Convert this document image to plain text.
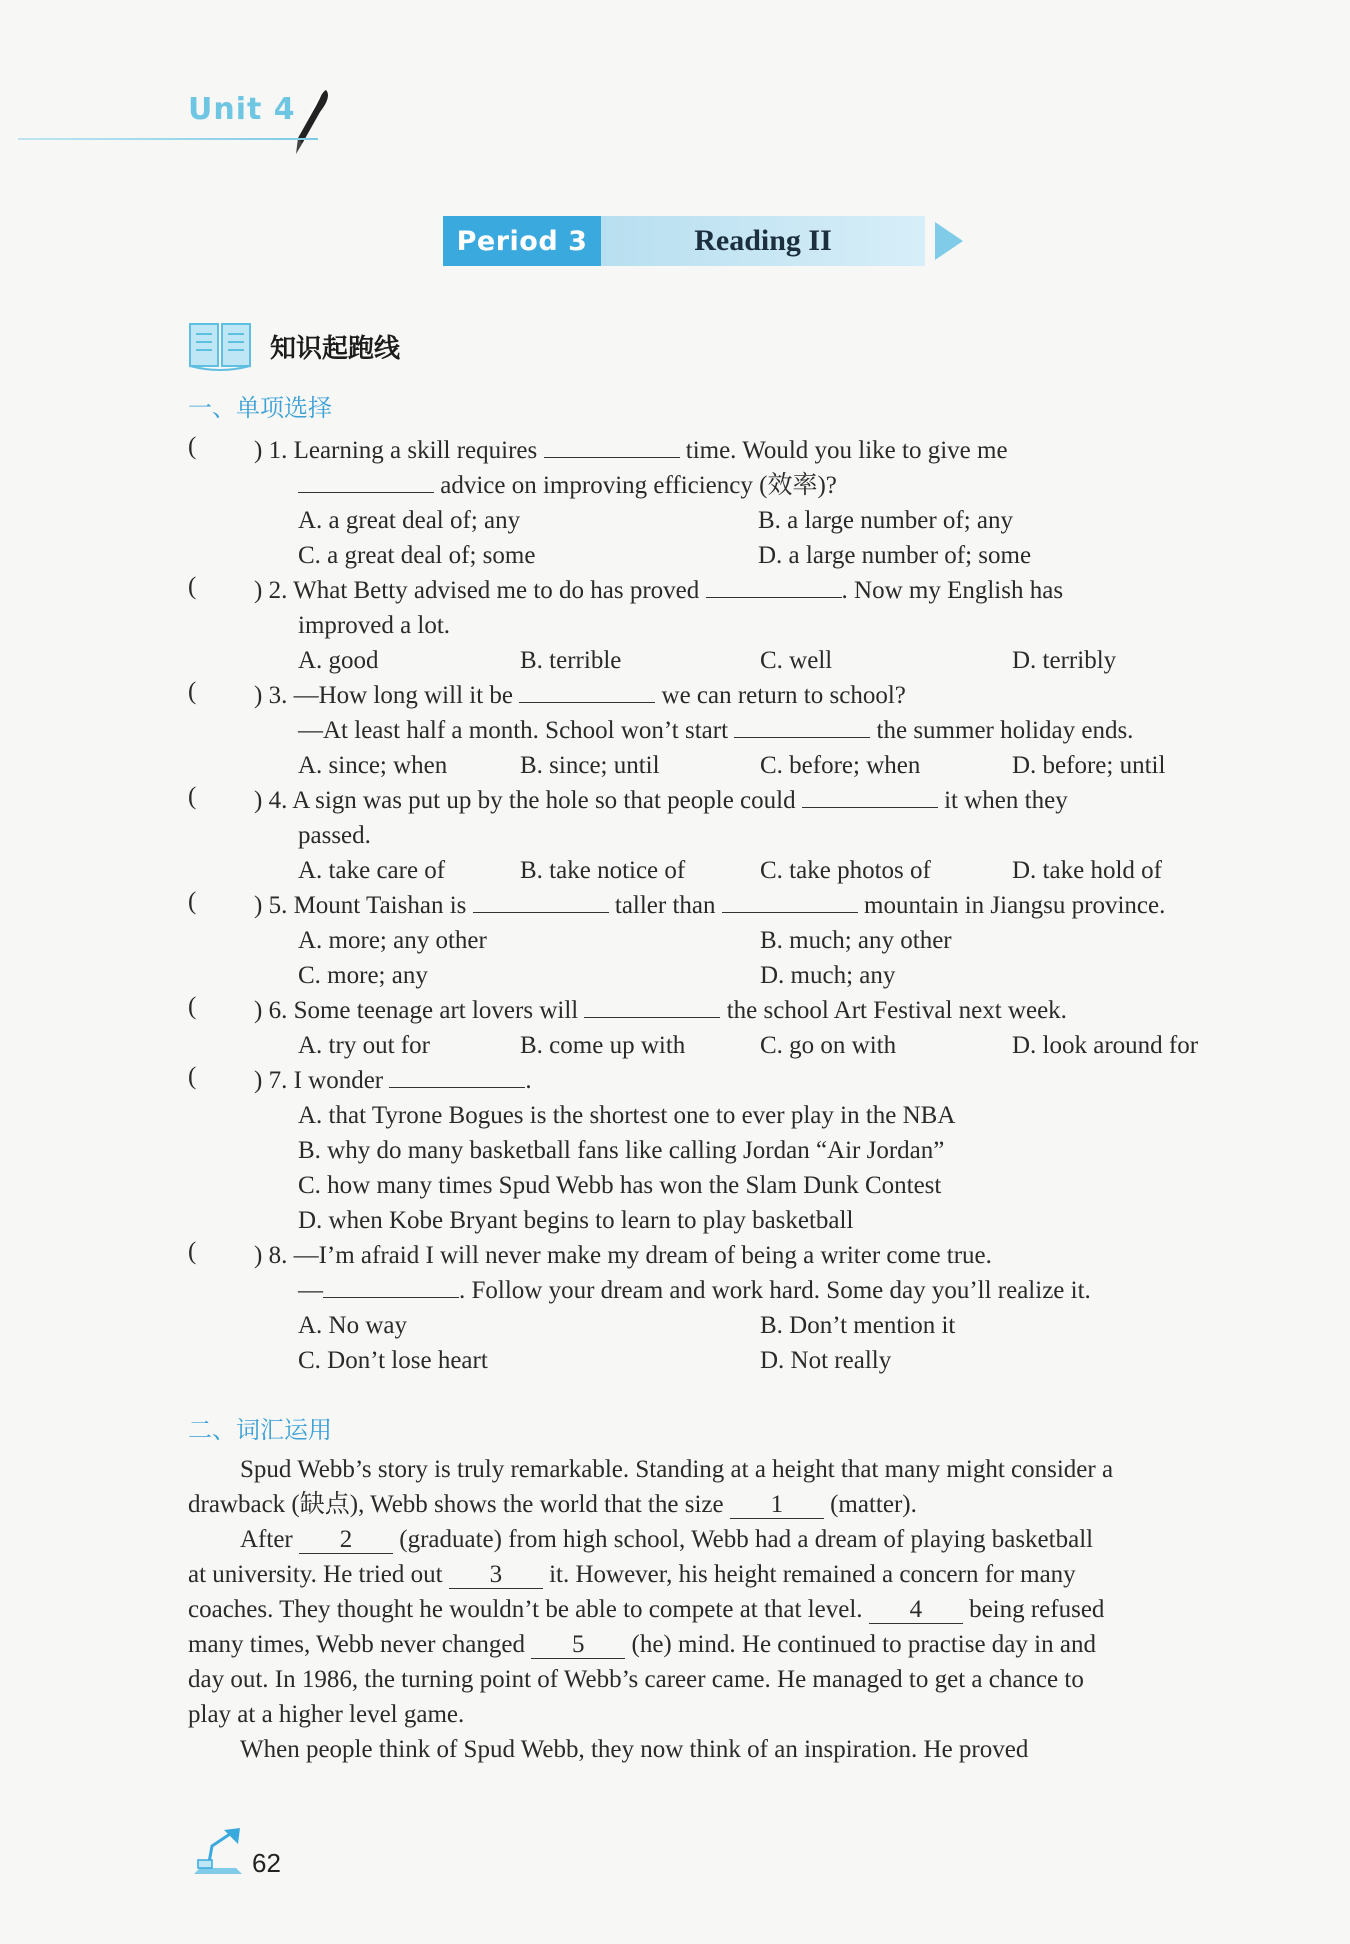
Unit 4
Period 3	Reading II
知识起跑线
一、单项选择
( ) 1. Learning a skill requires	time. Would you like to give me
advice on improving efficiency (效率)?
A. a great deal of; any	B. a large number of; any
C. a great deal of; some	D. a large number of; some
( ) 2. What Betty advised me to do has proved	. Now my English has
improved a lot.
A. good	B. terrible	C. well	D. terribly
( ) 3. —How long will it be	we can return to school?
—At least half a month. School won’t start	the summer holiday ends.
A. since; when	B. since; until	C. before; when	D. before; until
( ) 4. A sign was put up by the hole so that people could	it when they
passed.
A. take care of	B. take notice of	C. take photos of	D. take hold of
( ) 5. Mount Taishan is	taller than	mountain in Jiangsu province.
A. more; any other	B. much; any other
C. more; any	D. much; any
( ) 6. Some teenage art lovers will	the school Art Festival next week.
A. try out for	B. come up with	C. go on with	D. look around for
( ) 7. I wonder	.
A. that Tyrone Bogues is the shortest one to ever play in the NBA
B. why do many basketball fans like calling Jordan “Air Jordan”
C. how many times Spud Webb has won the Slam Dunk Contest
D. when Kobe Bryant begins to learn to play basketball
( ) 8. —I’m afraid I will never make my dream of being a writer come true.
—	. Follow your dream and work hard. Some day you’ll realize it.
A. No way	B. Don’t mention it
C. Don’t lose heart	D. Not really
二、词汇运用
Spud Webb’s story is truly remarkable. Standing at a height that many might consider a
drawback (缺点), Webb shows the world that the size 1 (matter).
After 2 (graduate) from high school, Webb had a dream of playing basketball
at university. He tried out 3 it. However, his height remained a concern for many
coaches. They thought he wouldn’t be able to compete at that level. 4 being refused
many times, Webb never changed 5 (he) mind. He continued to practise day in and
day out. In 1986, the turning point of Webb’s career came. He managed to get a chance to
play at a higher level game.
When people think of Spud Webb, they now think of an inspiration. He proved
62
